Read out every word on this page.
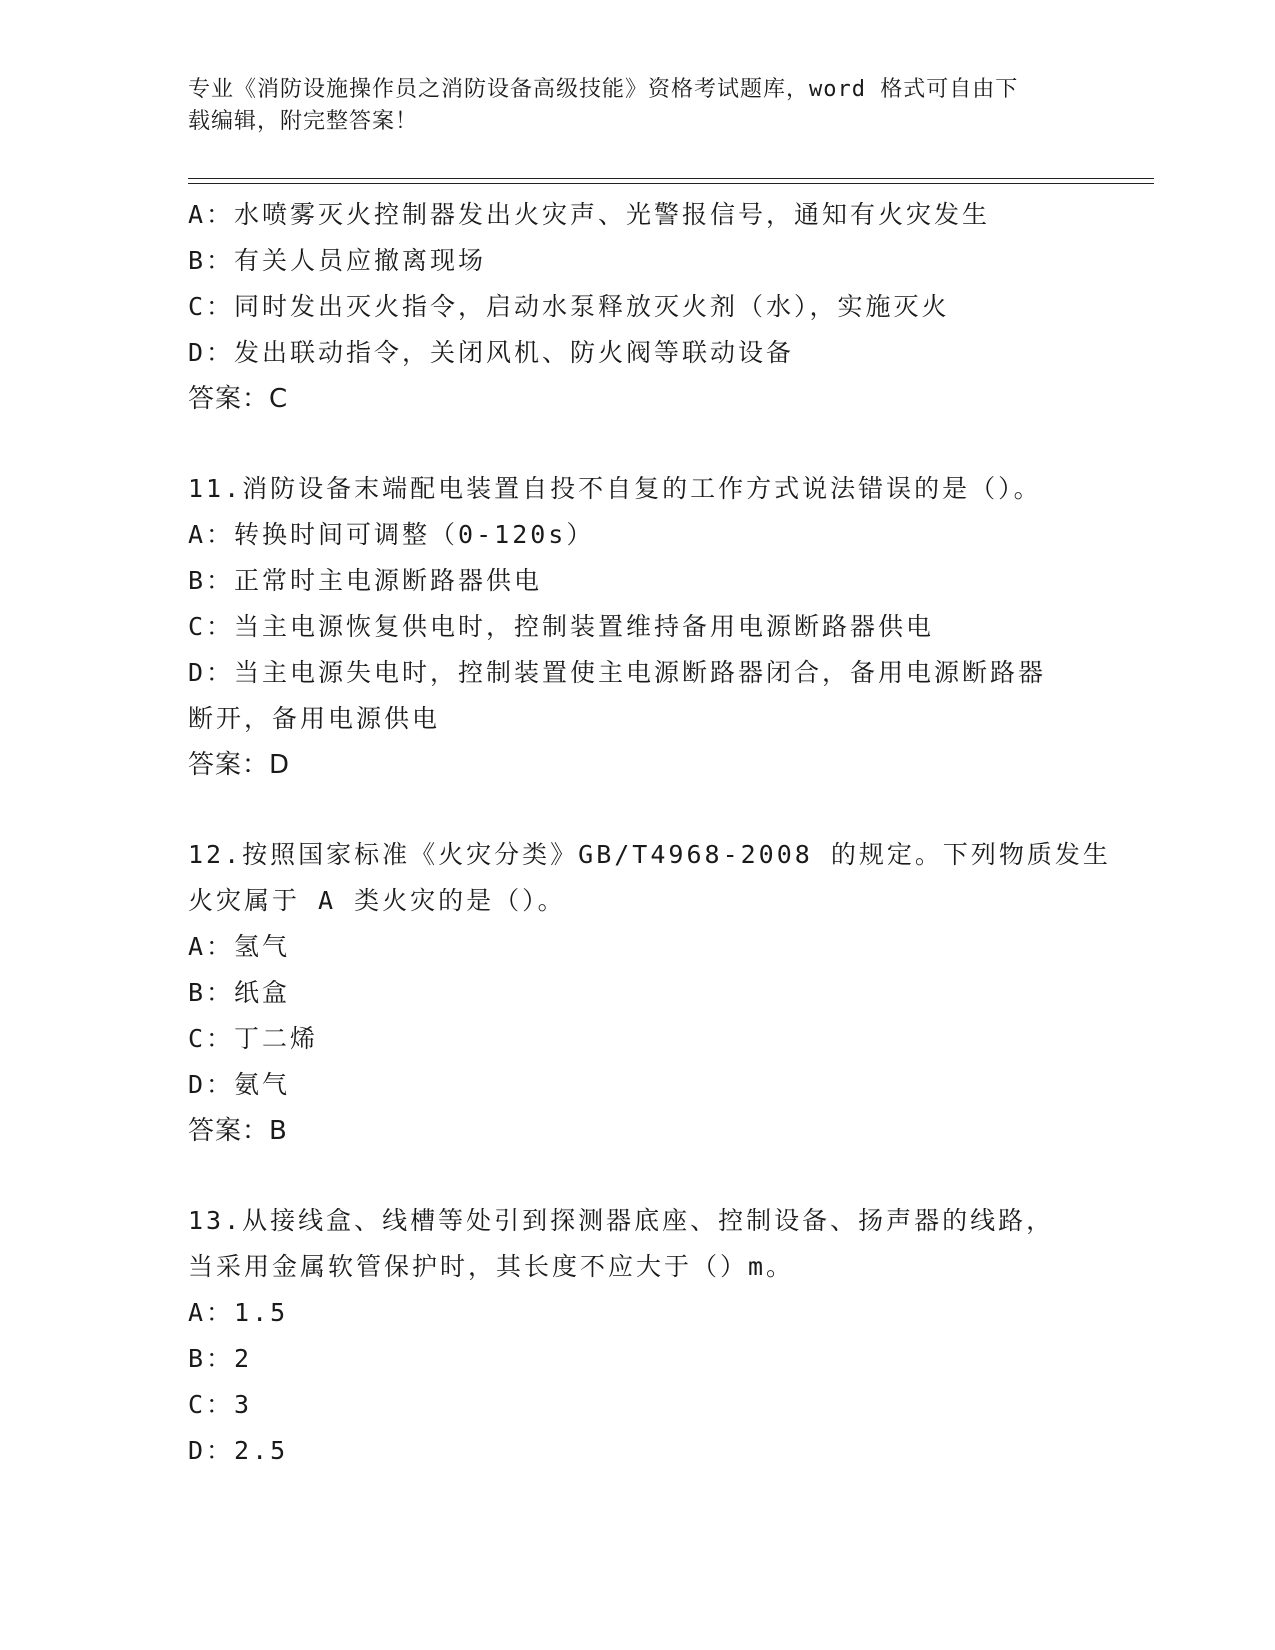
专业《消防设施操作员之消防设备高级技能》资格考试题库，word 格式可自由下
载编辑，附完整答案！
A：水喷雾灭火控制器发出火灾声、光警报信号，通知有火灾发生
B：有关人员应撤离现场
C：同时发出灭火指令，启动水泵释放灭火剂（水），实施灭火
D：发出联动指令，关闭风机、防火阀等联动设备
答案：C
11.消防设备末端配电装置自投不自复的工作方式说法错误的是（）。
A：转换时间可调整（0-120s）
B：正常时主电源断路器供电
C：当主电源恢复供电时，控制装置维持备用电源断路器供电
D：当主电源失电时，控制装置使主电源断路器闭合，备用电源断路器
断开，备用电源供电
答案：D
12.按照国家标准《火灾分类》GB/T4968-2008 的规定。下列物质发生
火灾属于 A 类火灾的是（）。
A：氢气
B：纸盒
C：丁二烯
D：氨气
答案：B
13.从接线盒、线槽等处引到探测器底座、控制设备、扬声器的线路，
当采用金属软管保护时，其长度不应大于（）m。
A：1.5
B：2
C：3
D：2.5
